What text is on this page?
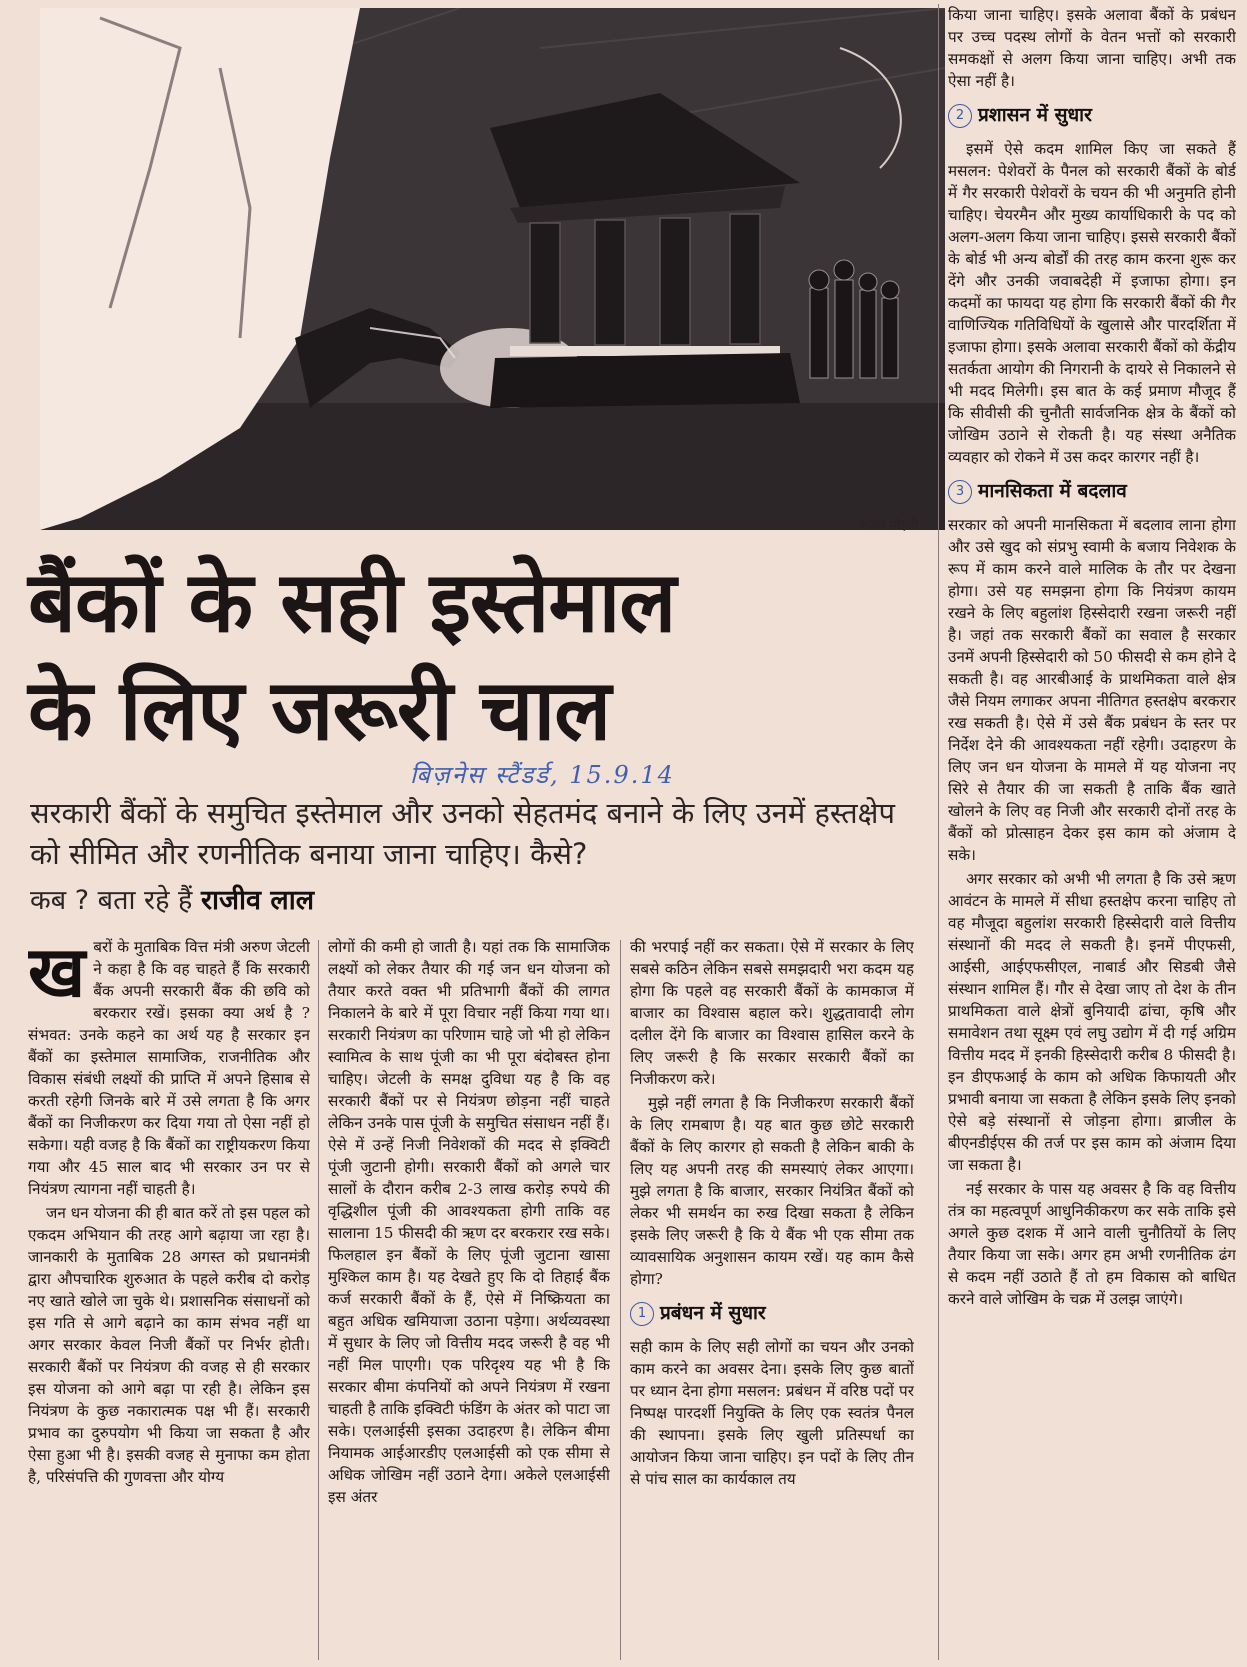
अजय मोहंती
बैंकों के सही इस्तेमाल
के लिए जरूरी चाल
बिज़नेस स्टैंडर्ड, 15.9.14
सरकारी बैंकों के समुचित इस्तेमाल और उनको सेहतमंद बनाने के लिए उनमें हस्तक्षेप को सीमित और रणनीतिक बनाया जाना चाहिए। कैसे?
कब ? बता रहे हैं राजीव लाल

खबरों के मुताबिक वित्त मंत्री अरुण जेटली ने कहा है कि वह चाहते हैं कि सरकारी बैंक अपनी सरकारी बैंक की छवि को बरकरार रखें। इसका क्या अर्थ है ? संभवत: उनके कहने का अर्थ यह है सरकार इन बैंकों का इस्तेमाल सामाजिक, राजनीतिक और विकास संबंधी लक्ष्यों की प्राप्ति में अपने हिसाब से करती रहेगी जिनके बारे में उसे लगता है कि अगर बैंकों का निजीकरण कर दिया गया तो ऐसा नहीं हो सकेगा। यही वजह है कि बैंकों का राष्ट्रीयकरण किया गया और 45 साल बाद भी सरकार उन पर से नियंत्रण त्यागना नहीं चाहती है।

जन धन योजना की ही बात करें तो इस पहल को एकदम अभियान की तरह आगे बढ़ाया जा रहा है। जानकारी के मुताबिक 28 अगस्त को प्रधानमंत्री द्वारा औपचारिक शुरुआत के पहले करीब दो करोड़ नए खाते खोले जा चुके थे। प्रशासनिक संसाधनों को इस गति से आगे बढ़ाने का काम संभव नहीं था अगर सरकार केवल निजी बैंकों पर निर्भर होती। सरकारी बैंकों पर नियंत्रण की वजह से ही सरकार इस योजना को आगे बढ़ा पा रही है। लेकिन इस नियंत्रण के कुछ नकारात्मक पक्ष भी हैं। सरकारी प्रभाव का दुरुपयोग भी किया जा सकता है और ऐसा हुआ भी है। इसकी वजह से मुनाफा कम होता है, परिसंपत्ति की गुणवत्ता और योग्य

लोगों की कमी हो जाती है। यहां तक कि सामाजिक लक्ष्यों को लेकर तैयार की गई जन धन योजना को तैयार करते वक्त भी प्रतिभागी बैंकों की लागत निकालने के बारे में पूरा विचार नहीं किया गया था। सरकारी नियंत्रण का परिणाम चाहे जो भी हो लेकिन स्वामित्व के साथ पूंजी का भी पूरा बंदोबस्त होना चाहिए। जेटली के समक्ष दुविधा यह है कि वह सरकारी बैंकों पर से नियंत्रण छोड़ना नहीं चाहते लेकिन उनके पास पूंजी के समुचित संसाधन नहीं हैं। ऐसे में उन्हें निजी निवेशकों की मदद से इक्विटी पूंजी जुटानी होगी। सरकारी बैंकों को अगले चार सालों के दौरान करीब 2-3 लाख करोड़ रुपये की वृद्धिशील पूंजी की आवश्यकता होगी ताकि वह सालाना 15 फीसदी की ऋण दर बरकरार रख सके। फिलहाल इन बैंकों के लिए पूंजी जुटाना खासा मुश्किल काम है। यह देखते हुए कि दो तिहाई बैंक कर्ज सरकारी बैंकों के हैं, ऐसे में निष्क्रियता का बहुत अधिक खमियाजा उठाना पड़ेगा। अर्थव्यवस्था में सुधार के लिए जो वित्तीय मदद जरूरी है वह भी नहीं मिल पाएगी। एक परिदृश्य यह भी है कि सरकार बीमा कंपनियों को अपने नियंत्रण में रखना चाहती है ताकि इक्विटी फंडिंग के अंतर को पाटा जा सके। एलआईसी इसका उदाहरण है। लेकिन बीमा नियामक आईआरडीए एलआईसी को एक सीमा से अधिक जोखिम नहीं उठाने देगा। अकेले एलआईसी इस अंतर

की भरपाई नहीं कर सकता। ऐसे में सरकार के लिए सबसे कठिन लेकिन सबसे समझदारी भरा कदम यह होगा कि पहले वह सरकारी बैंकों के कामकाज में बाजार का विश्वास बहाल करे। शुद्धतावादी लोग दलील देंगे कि बाजार का विश्वास हासिल करने के लिए जरूरी है कि सरकार सरकारी बैंकों का निजीकरण करे।

मुझे नहीं लगता है कि निजीकरण सरकारी बैंकों के लिए रामबाण है। यह बात कुछ छोटे सरकारी बैंकों के लिए कारगर हो सकती है लेकिन बाकी के लिए यह अपनी तरह की समस्याएं लेकर आएगा। मुझे लगता है कि बाजार, सरकार नियंत्रित बैंकों को लेकर भी समर्थन का रुख दिखा सकता है लेकिन इसके लिए जरूरी है कि ये बैंक भी एक सीमा तक व्यावसायिक अनुशासन कायम रखें। यह काम कैसे होगा?

1 प्रबंधन में सुधार

सही काम के लिए सही लोगों का चयन और उनको काम करने का अवसर देना। इसके लिए कुछ बातों पर ध्यान देना होगा मसलन: प्रबंधन में वरिष्ठ पदों पर निष्पक्ष पारदर्शी नियुक्ति के लिए एक स्वतंत्र पैनल की स्थापना। इसके लिए खुली प्रतिस्पर्धा का आयोजन किया जाना चाहिए। इन पदों के लिए तीन से पांच साल का कार्यकाल तय

किया जाना चाहिए। इसके अलावा बैंकों के प्रबंधन पर उच्च पदस्थ लोगों के वेतन भत्तों को सरकारी समकक्षों से अलग किया जाना चाहिए। अभी तक ऐसा नहीं है।

2 प्रशासन में सुधार

इसमें ऐसे कदम शामिल किए जा सकते हैं मसलन: पेशेवरों के पैनल को सरकारी बैंकों के बोर्ड में गैर सरकारी पेशेवरों के चयन की भी अनुमति होनी चाहिए। चेयरमैन और मुख्य कार्याधिकारी के पद को अलग-अलग किया जाना चाहिए। इससे सरकारी बैंकों के बोर्ड भी अन्य बोर्डों की तरह काम करना शुरू कर देंगे और उनकी जवाबदेही में इजाफा होगा। इन कदमों का फायदा यह होगा कि सरकारी बैंकों की गैर वाणिज्यिक गतिविधियों के खुलासे और पारदर्शिता में इजाफा होगा। इसके अलावा सरकारी बैंकों को केंद्रीय सतर्कता आयोग की निगरानी के दायरे से निकालने से भी मदद मिलेगी। इस बात के कई प्रमाण मौजूद हैं कि सीवीसी की चुनौती सार्वजनिक क्षेत्र के बैंकों को जोखिम उठाने से रोकती है। यह संस्था अनैतिक व्यवहार को रोकने में उस कदर कारगर नहीं है।

3 मानसिकता में बदलाव

सरकार को अपनी मानसिकता में बदलाव लाना होगा और उसे खुद को संप्रभु स्वामी के बजाय निवेशक के रूप में काम करने वाले मालिक के तौर पर देखना होगा। उसे यह समझना होगा कि नियंत्रण कायम रखने के लिए बहुलांश हिस्सेदारी रखना जरूरी नहीं है। जहां तक सरकारी बैंकों का सवाल है सरकार उनमें अपनी हिस्सेदारी को 50 फीसदी से कम होने दे सकती है। वह आरबीआई के प्राथमिकता वाले क्षेत्र जैसे नियम लगाकर अपना नीतिगत हस्तक्षेप बरकरार रख सकती है। ऐसे में उसे बैंक प्रबंधन के स्तर पर निर्देश देने की आवश्यकता नहीं रहेगी। उदाहरण के लिए जन धन योजना के मामले में यह योजना नए सिरे से तैयार की जा सकती है ताकि बैंक खाते खोलने के लिए वह निजी और सरकारी दोनों तरह के बैंकों को प्रोत्साहन देकर इस काम को अंजाम दे सके।

अगर सरकार को अभी भी लगता है कि उसे ऋण आवंटन के मामले में सीधा हस्तक्षेप करना चाहिए तो वह मौजूदा बहुलांश सरकारी हिस्सेदारी वाले वित्तीय संस्थानों की मदद ले सकती है। इनमें पीएफसी, आईसी, आईएफसीएल, नाबार्ड और सिडबी जैसे संस्थान शामिल हैं। गौर से देखा जाए तो देश के तीन प्राथमिकता वाले क्षेत्रों बुनियादी ढांचा, कृषि और समावेशन तथा सूक्ष्म एवं लघु उद्योग में दी गई अग्रिम वित्तीय मदद में इनकी हिस्सेदारी करीब 8 फीसदी है। इन डीएफआई के काम को अधिक किफायती और प्रभावी बनाया जा सकता है लेकिन इसके लिए इनको ऐसे बड़े संस्थानों से जोड़ना होगा। ब्राजील के बीएनडीईएस की तर्ज पर इस काम को अंजाम दिया जा सकता है।

नई सरकार के पास यह अवसर है कि वह वित्तीय तंत्र का महत्वपूर्ण आधुनिकीकरण कर सके ताकि इसे अगले कुछ दशक में आने वाली चुनौतियों के लिए तैयार किया जा सके। अगर हम अभी रणनीतिक ढंग से कदम नहीं उठाते हैं तो हम विकास को बाधित करने वाले जोखिम के चक्र में उलझ जाएंगे।
